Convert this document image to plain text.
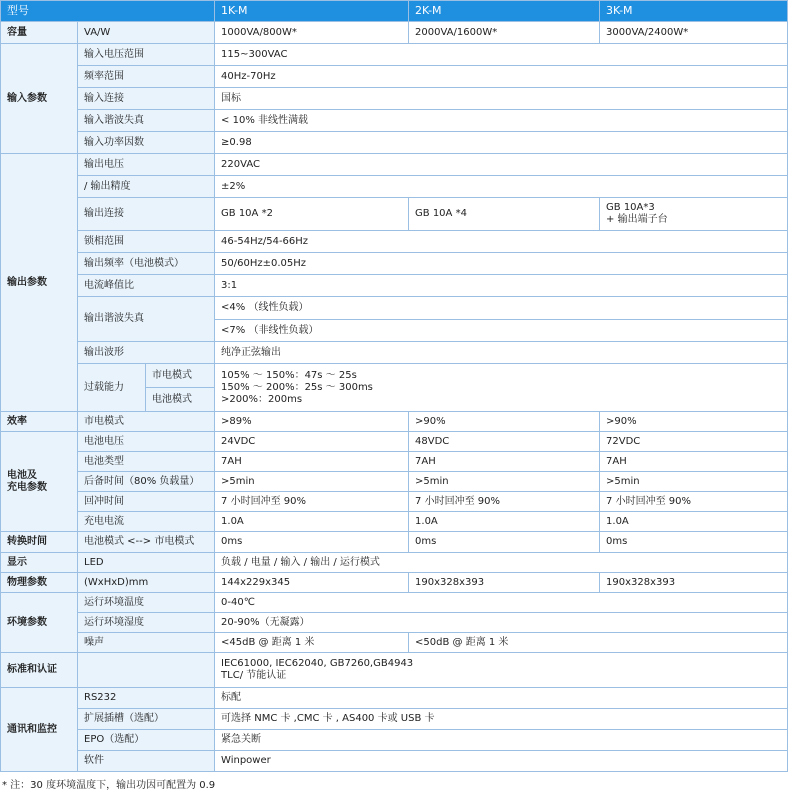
型号			1K-M	2K-M	3K-M
容量	VA/W		1000VA/800W*	2000VA/1600W*	3000VA/2400W*
输入参数	输入电压范围		115~300VAC		
	频率范围		40Hz-70Hz		
	输入连接		国标		
	输入谐波失真		< 10% 非线性满载		
	输入功率因数		≥0.98		
输出参数	输出电压		220VAC		
	/ 输出精度		±2%		
	输出连接		GB 10A *2	GB 10A *4	GB 10A*3
+ 输出端子台

	锁相范围		46-54Hz/54-66Hz		
	输出频率（电池模式）		50/60Hz±0.05Hz		
	电流峰值比		3:1		
	输出谐波失真		<4% （线性负载）		
			<7% （非线性负载）		
	输出波形		纯净正弦输出		
	过载能力	市电模式	105% ～ 150%：47s ～ 25s
150% ～ 200%：25s ～ 300ms
>200%：200ms		

		电池模式			
效率	市电模式		>89%	>90%	>90%

电池及
充电参数	电池电压		24VDC	48VDC	72VDC
	电池类型		7AH	7AH	7AH
	后备时间（80% 负载量）		>5min	>5min	>5min
	回冲时间		7 小时回冲至 90%	7 小时回冲至 90%	7 小时回冲至 90%
	充电电流		1.0A	1.0A	1.0A
转换时间	电池模式 <--> 市电模式		0ms	0ms	0ms
显示	LED		负载 / 电量 / 输入 / 输出 / 运行模式		
物理参数	(WxHxD)mm		144x229x345	190x328x393	190x328x393
环境参数	运行环境温度		0-40℃		
	运行环境湿度		20-90%（无凝露）		
	噪声		<45dB @ 距离 1 米	<50dB @ 距离 1 米	
标准和认证			IEC61000, IEC62040, GB7260,GB4943
TLC/ 节能认证		

通讯和监控	RS232		标配		
	扩展插槽（选配）		可选择 NMC 卡 ,CMC 卡 , AS400 卡或 USB 卡		
	EPO（选配）		紧急关断		
	软件		Winpower		
* 注：30 度环境温度下，输出功因可配置为 0.9
